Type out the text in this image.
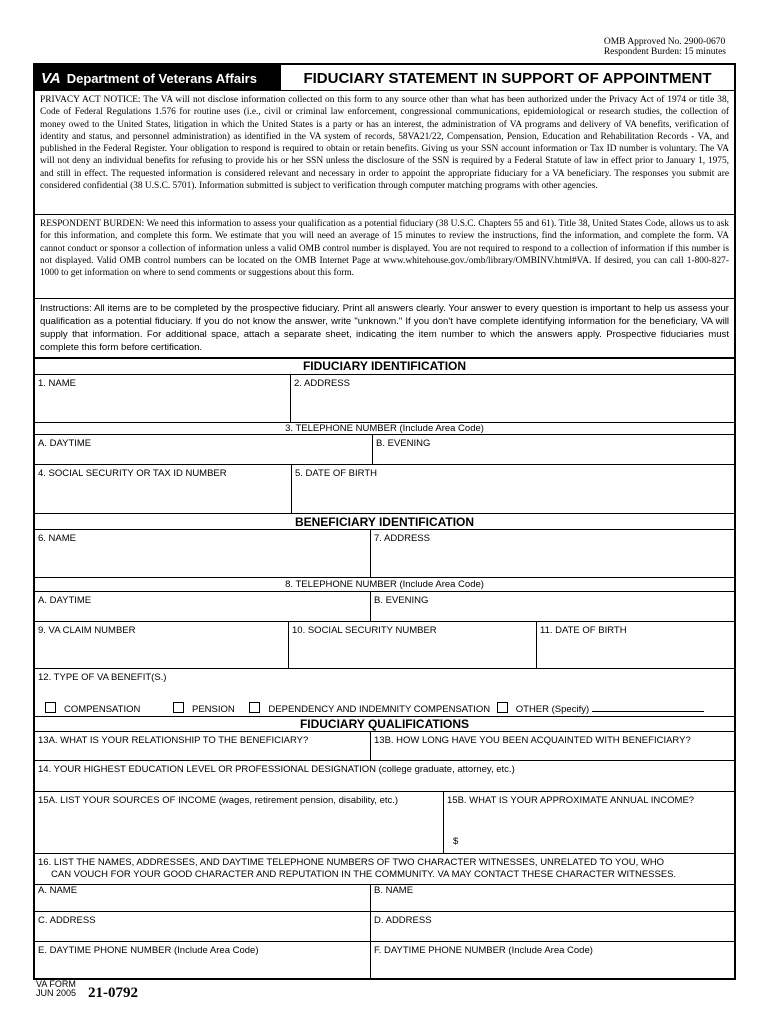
OMB Approved No. 2900-0670
Respondent Burden: 15 minutes
VA Department of Veterans Affairs	FIDUCIARY STATEMENT IN SUPPORT OF APPOINTMENT
PRIVACY ACT NOTICE: The VA will not disclose information collected on this form to any source other than what has been authorized under the Privacy Act of 1974 or title 38, Code of Federal Regulations 1.576 for routine uses (i.e., civil or criminal law enforcement, congressional communications, epidemiological or research studies, the collection of money owed to the United States, litigation in which the United States is a party or has an interest, the administration of VA programs and delivery of VA benefits, verification of identity and status, and personnel administration) as identified in the VA system of records, 58VA21/22, Compensation, Pension, Education and Rehabilitation Records - VA, and published in the Federal Register. Your obligation to respond is required to obtain or retain benefits. Giving us your SSN account information or Tax ID number is voluntary. The VA will not deny an individual benefits for refusing to provide his or her SSN unless the disclosure of the SSN is required by a Federal Statute of law in effect prior to January 1, 1975, and still in effect. The requested information is considered relevant and necessary in order to appoint the appropriate fiduciary for a VA beneficiary. The responses you submit are considered confidential (38 U.S.C. 5701). Information submitted is subject to verification through computer matching programs with other agencies.
RESPONDENT BURDEN: We need this information to assess your qualification as a potential fiduciary (38 U.S.C. Chapters 55 and 61). Title 38, United States Code, allows us to ask for this information, and complete this form. We estimate that you will need an average of 15 minutes to review the instructions, find the information, and complete the form. VA cannot conduct or sponsor a collection of information unless a valid OMB control number is displayed. You are not required to respond to a collection of information if this number is not displayed. Valid OMB control numbers can be located on the OMB Internet Page at www.whitehouse.gov./omb/library/OMBINV.html#VA. If desired, you can call 1-800-827-1000 to get information on where to send comments or suggestions about this form.
Instructions: All items are to be completed by the prospective fiduciary. Print all answers clearly. Your answer to every question is important to help us assess your qualification as a potential fiduciary. If you do not know the answer, write "unknown." If you don't have complete identifying information for the beneficiary, VA will supply that information. For additional space, attach a separate sheet, indicating the item number to which the answers apply. Prospective fiduciaries must complete this form before certification.
FIDUCIARY IDENTIFICATION
1. NAME	2. ADDRESS
3. TELEPHONE NUMBER (Include Area Code)
A. DAYTIME	B. EVENING
4. SOCIAL SECURITY OR TAX ID NUMBER	5. DATE OF BIRTH
BENEFICIARY IDENTIFICATION
6. NAME	7. ADDRESS
8. TELEPHONE NUMBER (Include Area Code)
A. DAYTIME	B. EVENING
9. VA CLAIM NUMBER	10. SOCIAL SECURITY NUMBER	11. DATE OF BIRTH
12. TYPE OF VA BENEFIT(S.)
COMPENSATION	PENSION	DEPENDENCY AND INDEMNITY COMPENSATION	OTHER (Specify)
FIDUCIARY QUALIFICATIONS
13A. WHAT IS YOUR RELATIONSHIP TO THE BENEFICIARY?	13B. HOW LONG HAVE YOU BEEN ACQUAINTED WITH BENEFICIARY?
14. YOUR HIGHEST EDUCATION LEVEL OR PROFESSIONAL DESIGNATION (college graduate, attorney, etc.)
15A. LIST YOUR SOURCES OF INCOME (wages, retirement pension, disability, etc.)	15B. WHAT IS YOUR APPROXIMATE ANNUAL INCOME?
$
16. LIST THE NAMES, ADDRESSES, AND DAYTIME TELEPHONE NUMBERS OF TWO CHARACTER WITNESSES, UNRELATED TO YOU, WHO
CAN VOUCH FOR YOUR GOOD CHARACTER AND REPUTATION IN THE COMMUNITY. VA MAY CONTACT THESE CHARACTER WITNESSES.
A. NAME	B. NAME
C. ADDRESS	D. ADDRESS
E. DAYTIME PHONE NUMBER (Include Area Code)	F. DAYTIME PHONE NUMBER (Include Area Code)
VA FORM
JUN 2005 21-0792
